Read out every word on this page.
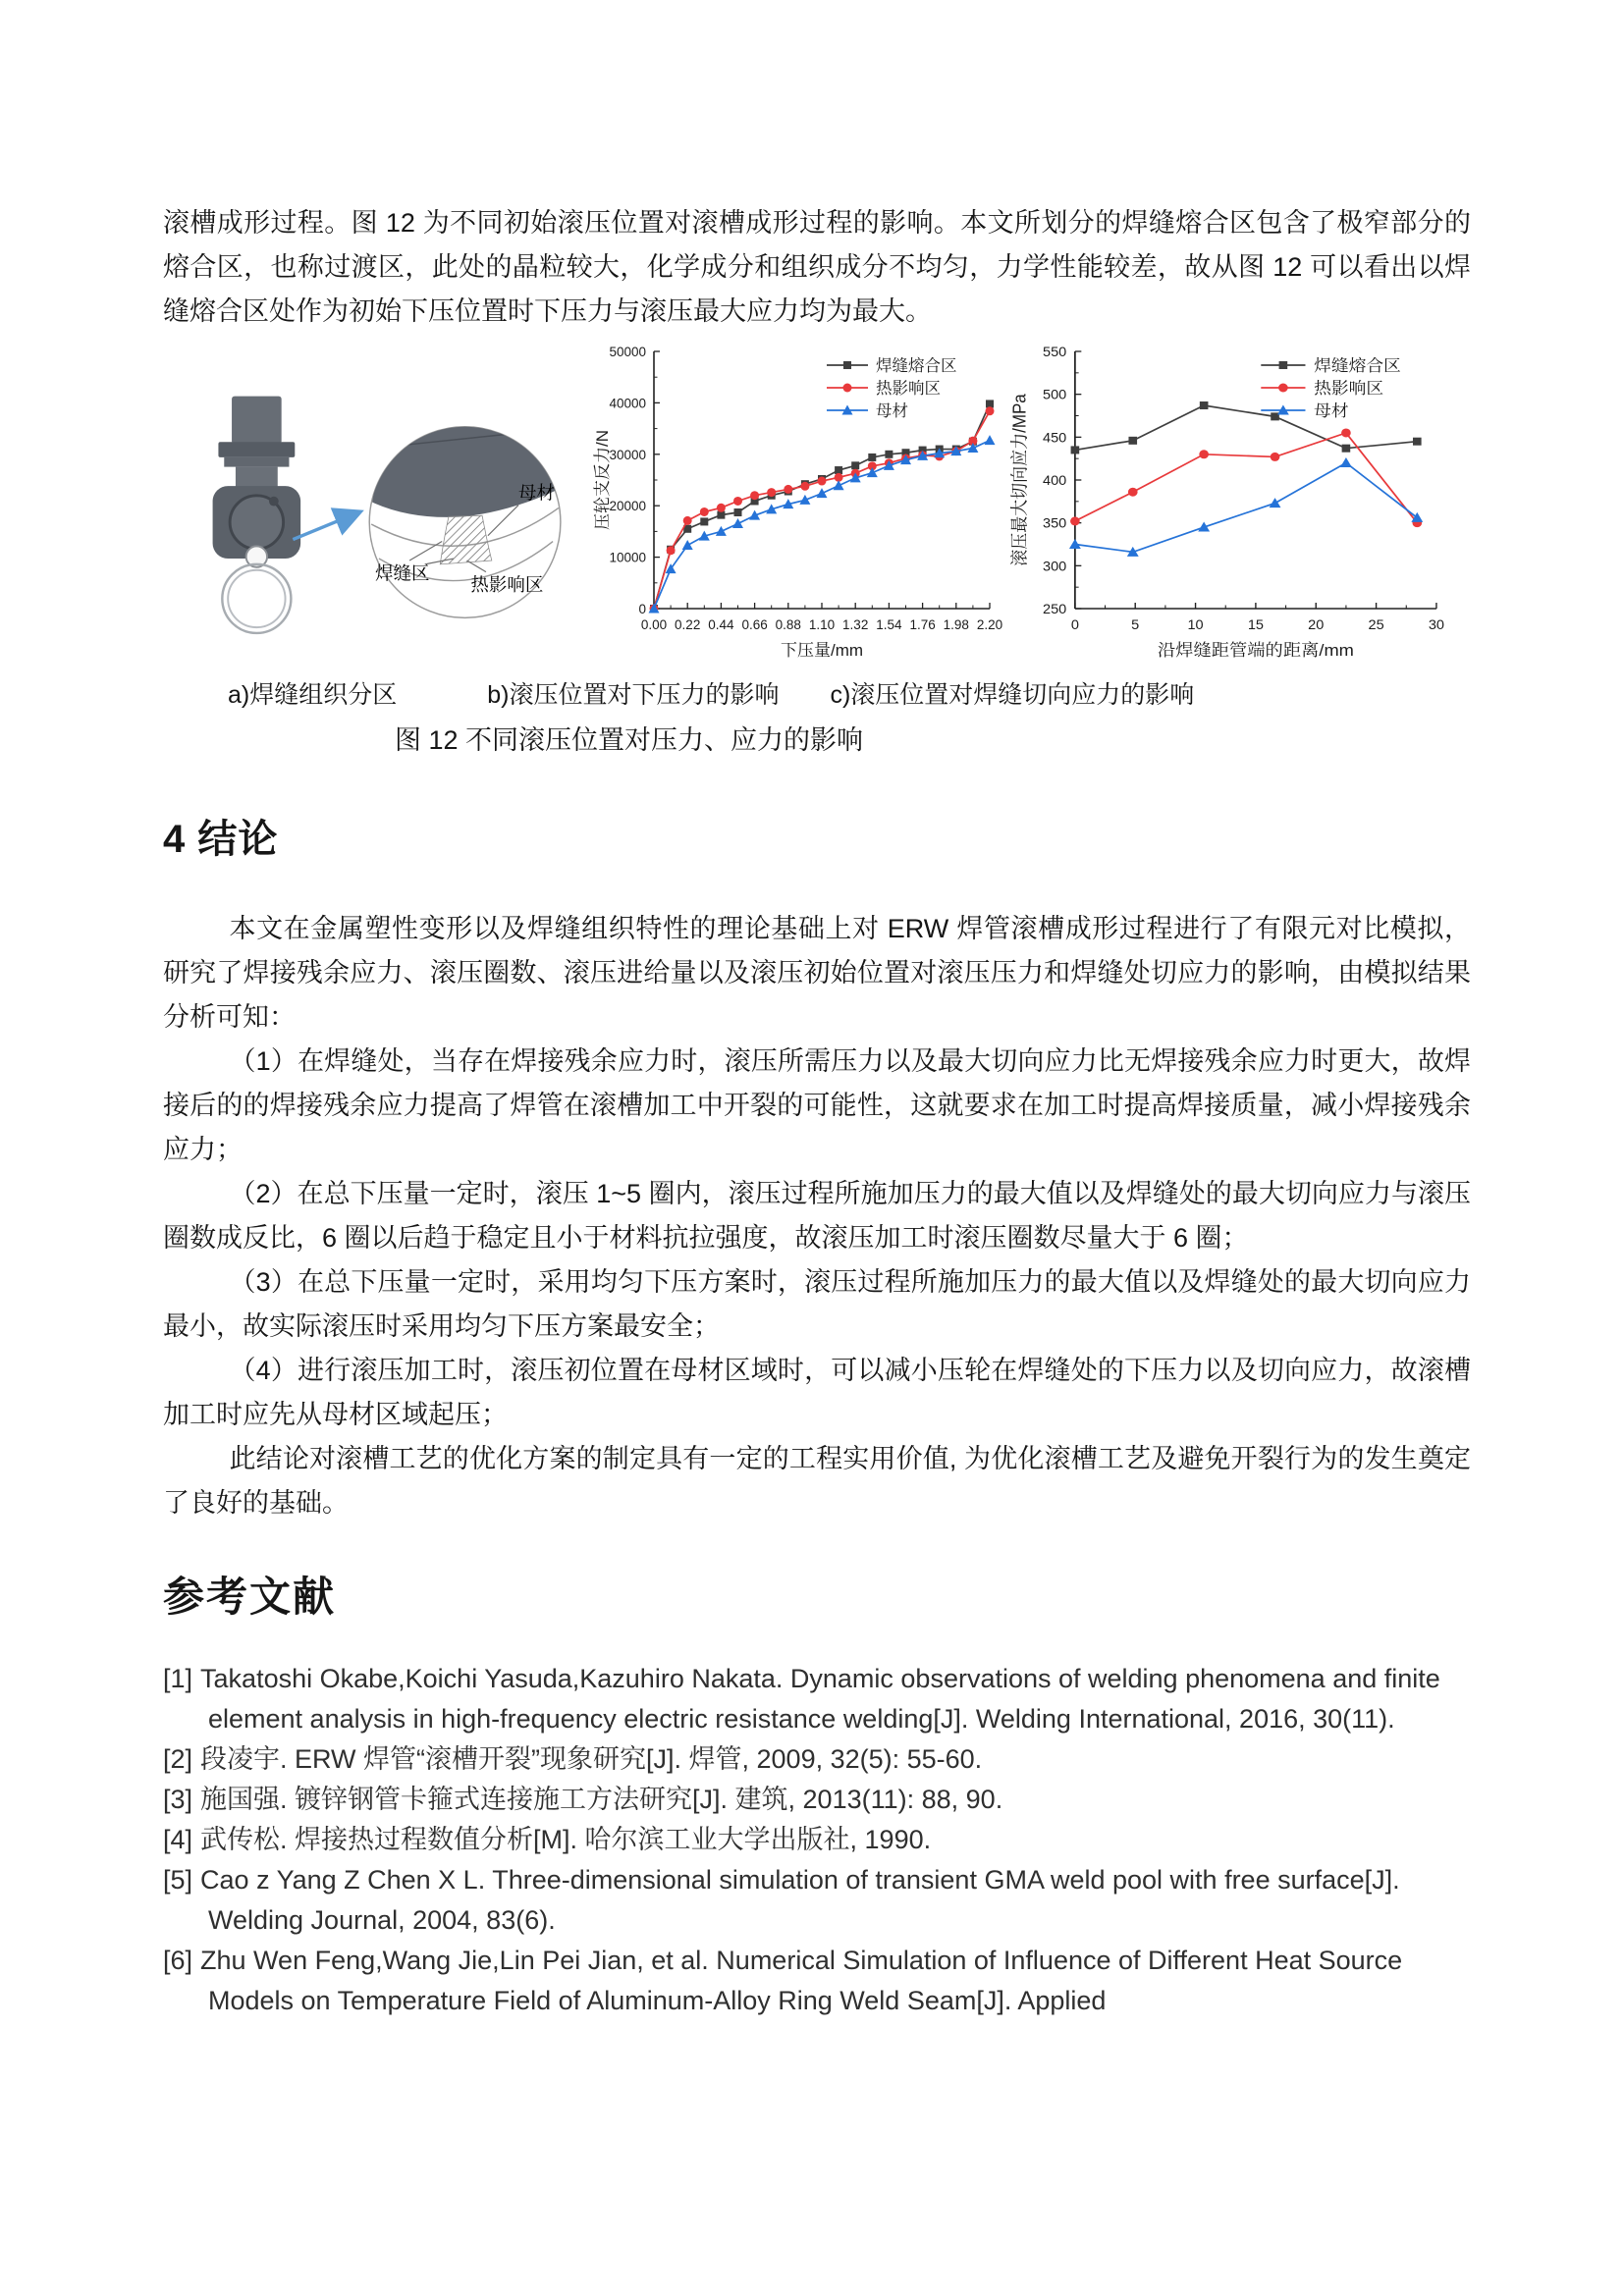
滚槽成形过程。图 12 为不同初始滚压位置对滚槽成形过程的影响。本文所划分的焊缝熔合区包含了极窄部分的熔合区，也称过渡区，此处的晶粒较大，化学成分和组织成分不均匀，力学性能较差，故从图 12 可以看出以焊缝熔合区处作为初始下压位置时下压力与滚压最大应力均为最大。

母材
焊缝区
热影响区
0.00 0.22 0.44 0.66 0.88 1.10 1.32 1.54 1.76 1.98 2.20
0
10000
20000
30000
40000
50000
下压量/mm
压轮支反力/N
焊缝熔合区
热影响区
母材
0	5	10	15	20	25	30
250
300
350
400
450
500
550
沿焊缝距管端的距离/mm
滚压最大切向应力/MPa
焊缝熔合区
热影响区
母材
a)焊缝组织分区	b)滚压位置对下压力的影响 c)滚压位置对焊缝切向应力的影响
图 12 不同滚压位置对压力、应力的影响
4 结论

本文在金属塑性变形以及焊缝组织特性的理论基础上对 ERW 焊管滚槽成形过程进行了有限元对比模拟，研究了焊接残余应力、滚压圈数、滚压进给量以及滚压初始位置对滚压压力和焊缝处切应力的影响，由模拟结果分析可知：

（1）在焊缝处，当存在焊接残余应力时，滚压所需压力以及最大切向应力比无焊接残余应力时更大，故焊接后的的焊接残余应力提高了焊管在滚槽加工中开裂的可能性，这就要求在加工时提高焊接质量，减小焊接残余应力；

（2）在总下压量一定时，滚压 1~5 圈内，滚压过程所施加压力的最大值以及焊缝处的最大切向应力与滚压圈数成反比，6 圈以后趋于稳定且小于材料抗拉强度，故滚压加工时滚压圈数尽量大于 6 圈；

（3）在总下压量一定时，采用均匀下压方案时，滚压过程所施加压力的最大值以及焊缝处的最大切向应力最小，故实际滚压时采用均匀下压方案最安全；

（4）进行滚压加工时，滚压初位置在母材区域时，可以减小压轮在焊缝处的下压力以及切向应力，故滚槽加工时应先从母材区域起压；

此结论对滚槽工艺的优化方案的制定具有一定的工程实用价值, 为优化滚槽工艺及避免开裂行为的发生奠定了良好的基础。

参考文献
[1] Takatoshi Okabe,Koichi Yasuda,Kazuhiro Nakata. Dynamic observations of welding phenomena and finite element analysis in high-frequency electric resistance welding[J]. Welding International, 2016, 30(11).
[2] 段凌宇. ERW 焊管“滚槽开裂”现象研究[J]. 焊管, 2009, 32(5): 55-60.
[3] 施国强. 镀锌钢管卡箍式连接施工方法研究[J]. 建筑, 2013(11): 88, 90.
[4] 武传松. 焊接热过程数值分析[M]. 哈尔滨工业大学出版社, 1990.
[5] Cao z Yang Z Chen X L. Three-dimensional simulation of transient GMA weld pool with free surface[J]. Welding Journal, 2004, 83(6).
[6] Zhu Wen Feng,Wang Jie,Lin Pei Jian, et al. Numerical Simulation of Influence of Different Heat Source Models on Temperature Field of Aluminum-Alloy Ring Weld Seam[J]. Applied
